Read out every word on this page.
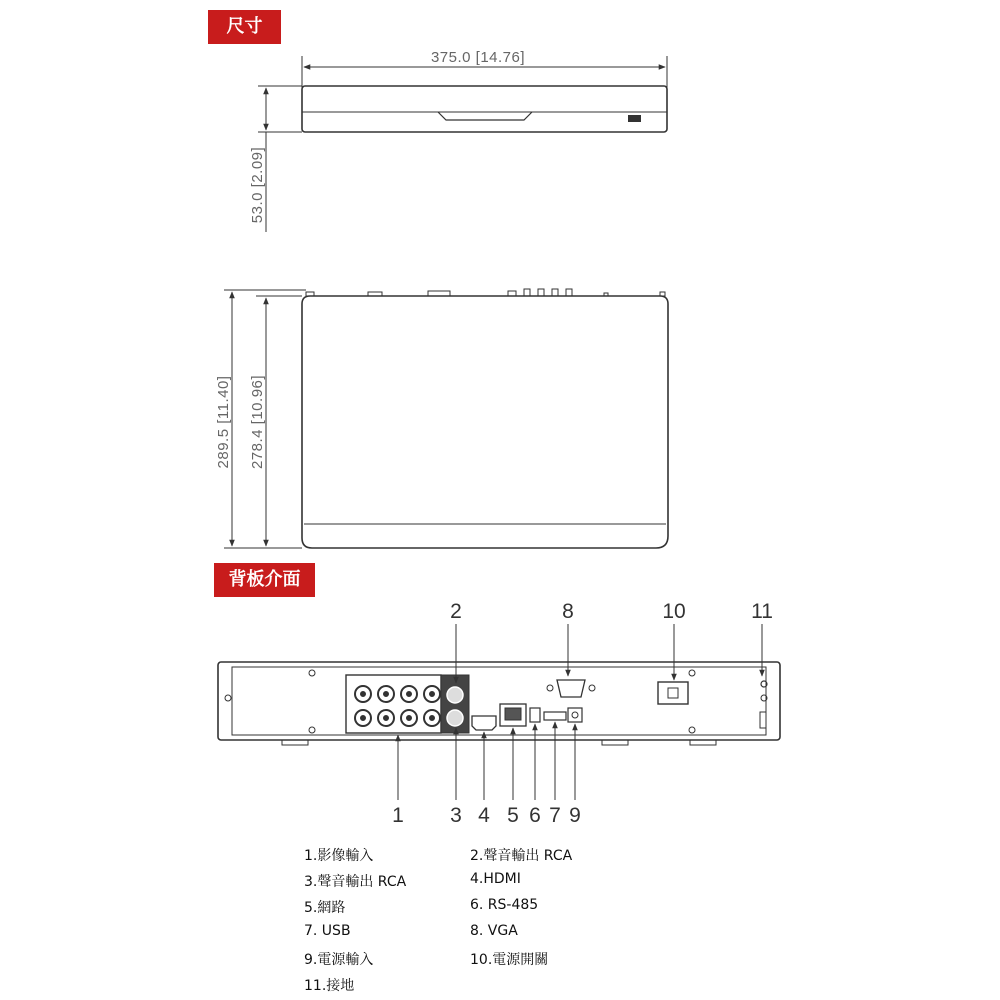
尺寸
背板介面
375.0 [14.76]
53.0 [2.09]
289.5 [11.40] 278.4 [10.96]
2	8	10	11
1 3 4 5 6 7 9
1.影像輸入	2.聲音輸出 RCA
3.聲音輸出 RCA	4.HDMI
5.網路	6. RS-485
7. USB	8. VGA
9.電源輸入	10.電源開關
11.接地
